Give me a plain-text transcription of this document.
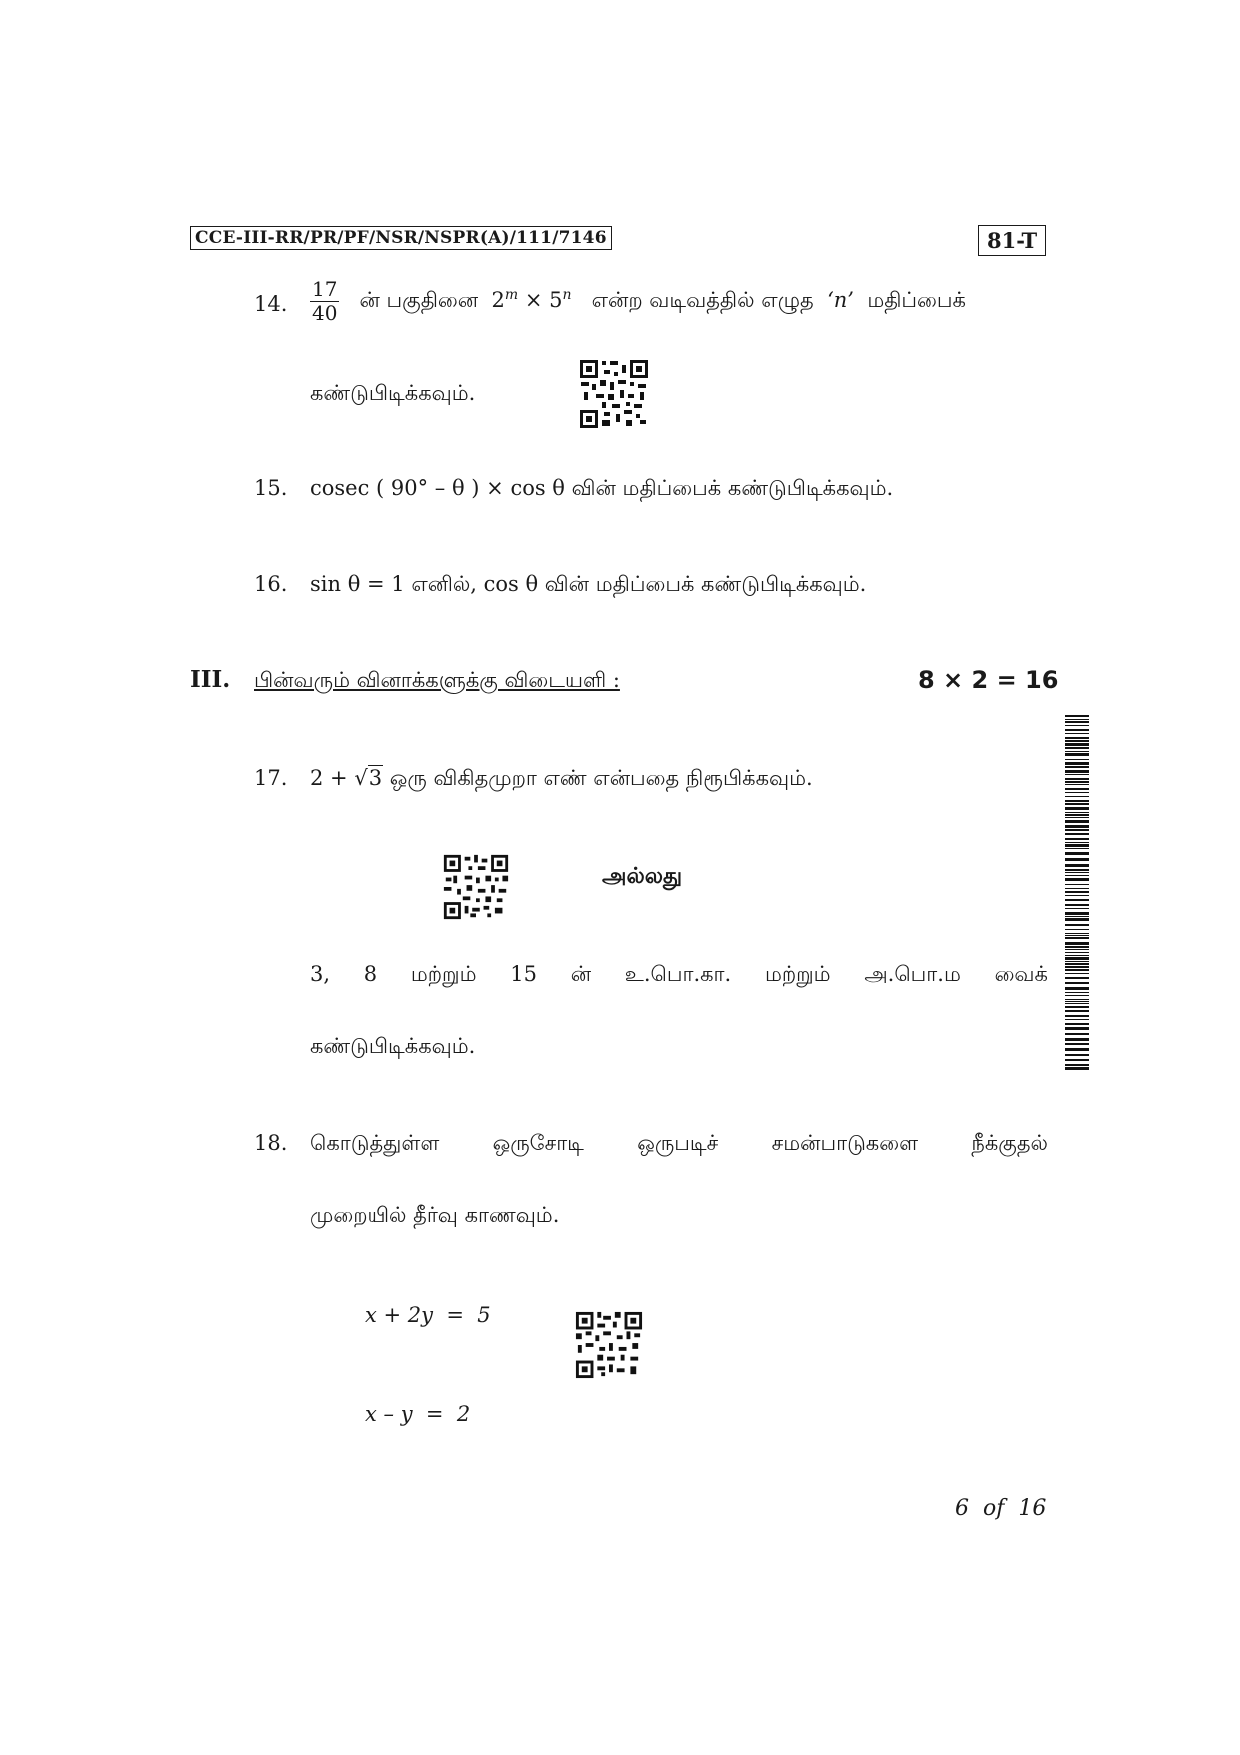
CCE-III-RR/PR/PF/NSR/NSPR(A)/111/7146	81-T
14. $\frac{17}{40}$ ன் பகுதினை $2^m \times 5^n$ என்ற வடிவத்தில் எழுத ‘n’ மதிப்பைக்
கண்டுபிடிக்கவும்.
15. cosec ( 90° – θ ) × cos θ வின் மதிப்பைக் கண்டுபிடிக்கவும்.
16. sin θ = 1 எனில், cos θ வின் மதிப்பைக் கண்டுபிடிக்கவும்.
III. பின்வரும் வினாக்களுக்கு விடையளி :	8 × 2 = 16
17. 2 + √3 ஒரு விகிதமுறா எண் என்பதை நிரூபிக்கவும்.
அல்லது
3, 8 மற்றும் 15 ன் உ.பொ.கா. மற்றும் அ.பொ.ம வைக்
கண்டுபிடிக்கவும்.
18. கொடுத்துள்ள	ஒருசோடி	ஒருபடிச்	சமன்பாடுகளை	நீக்குதல்
முறையில் தீர்வு காணவும்.
x + 2y  =  5
x – y  =  2
6  of  16
